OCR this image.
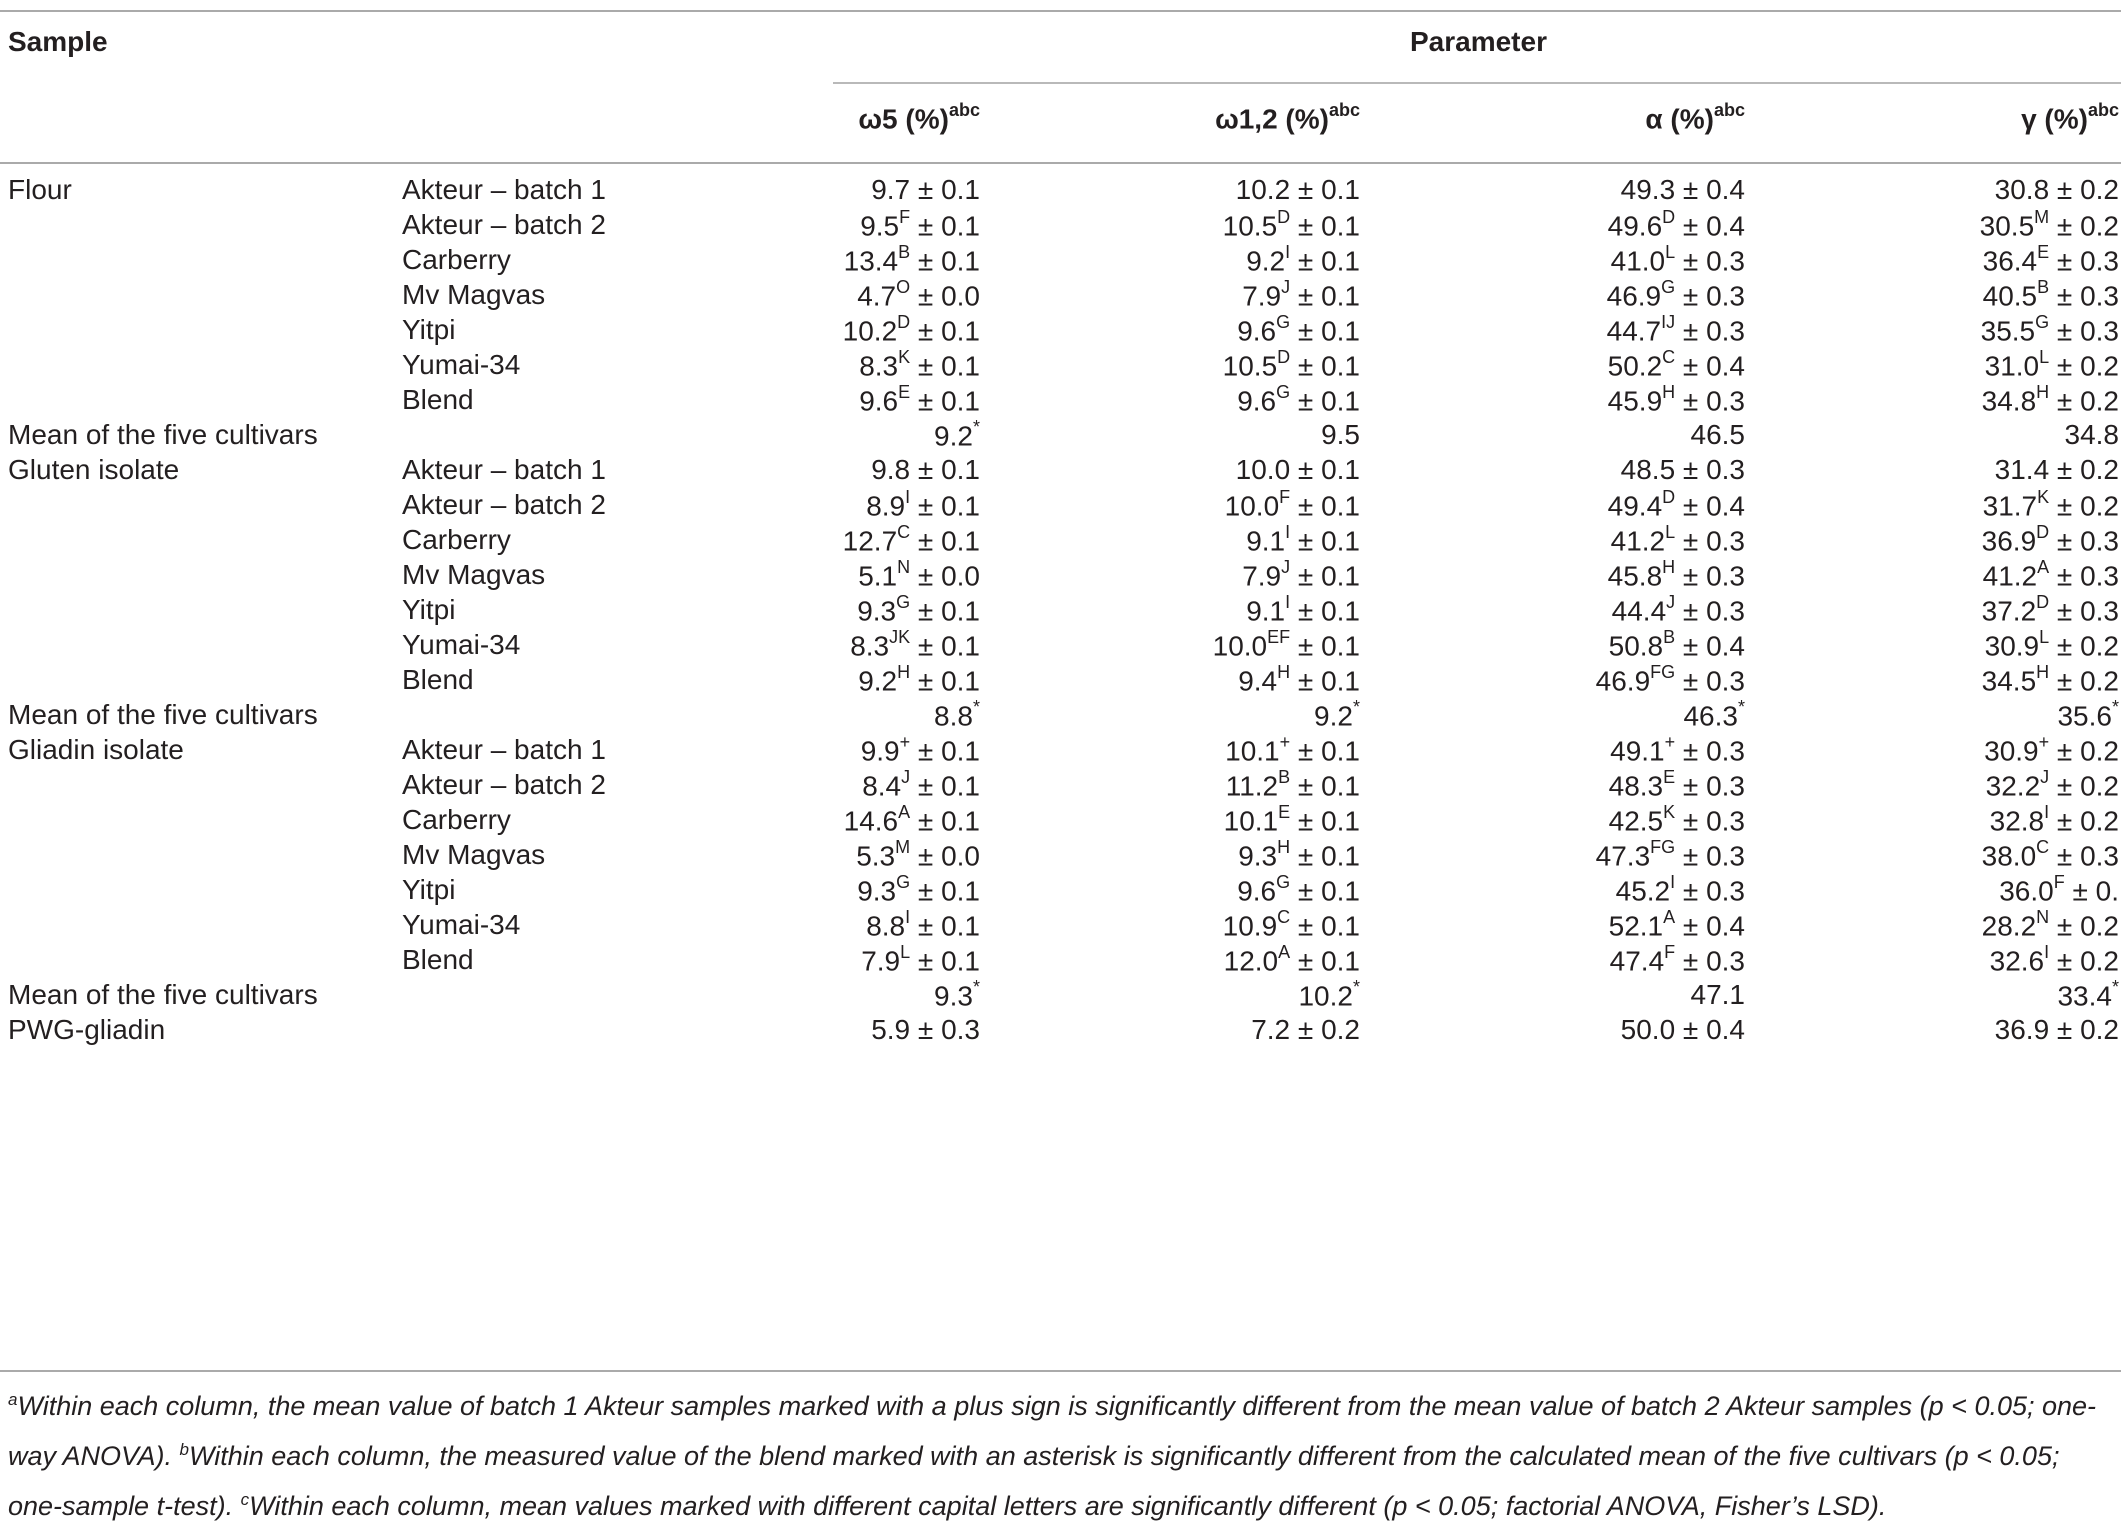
Sample	Parameter
ω5 (%)$^{abc}$	ω1,2 (%)$^{abc}$	α (%)$^{abc}$	γ (%)$^{abc}$
Flour	Akteur – batch 1	9.7 ± 0.1	10.2 ± 0.1	49.3 ± 0.4	30.8 ± 0.2
Akteur – batch 2	$9.5^F \pm 0.1$	$10.5^D \pm 0.1$	$49.6^D \pm 0.4$	$30.5^M \pm 0.2$
Carberry	$13.4^B \pm 0.1$	$9.2^I \pm 0.1$	$41.0^L \pm 0.3$	$36.4^E \pm 0.3$
Mv Magvas	$4.7^O \pm 0.0$	$7.9^J \pm 0.1$	$46.9^G \pm 0.3$	$40.5^B \pm 0.3$
Yitpi	$10.2^D \pm 0.1$	$9.6^G \pm 0.1$	$44.7^{IJ} \pm 0.3$	$35.5^G \pm 0.3$
Yumai-34	$8.3^K \pm 0.1$	$10.5^D \pm 0.1$	$50.2^C \pm 0.4$	$31.0^L \pm 0.2$
Blend	$9.6^E \pm 0.1$	$9.6^G \pm 0.1$	$45.9^H \pm 0.3$	$34.8^H \pm 0.2$
Mean of the five cultivars	9.2*	9.5	46.5	34.8
Gluten isolate	Akteur – batch 1	9.8 ± 0.1	10.0 ± 0.1	48.5 ± 0.3	31.4 ± 0.2
Akteur – batch 2	$8.9^I \pm 0.1$	$10.0^F \pm 0.1$	$49.4^D \pm 0.4$	$31.7^K \pm 0.2$
Carberry	$12.7^C \pm 0.1$	$9.1^I \pm 0.1$	$41.2^L \pm 0.3$	$36.9^D \pm 0.3$
Mv Magvas	$5.1^N \pm 0.0$	$7.9^J \pm 0.1$	$45.8^H \pm 0.3$	$41.2^A \pm 0.3$
Yitpi	$9.3^G \pm 0.1$	$9.1^I \pm 0.1$	$44.4^J \pm 0.3$	$37.2^D \pm 0.3$
Yumai-34	$8.3^{JK} \pm 0.1$	$10.0^{EF} \pm 0.1$	$50.8^B \pm 0.4$	$30.9^L \pm 0.2$
Blend	$9.2^H \pm 0.1$	$9.4^H \pm 0.1$	$46.9^{FG} \pm 0.3$	$34.5^H \pm 0.2$
Mean of the five cultivars	8.8*	9.2*	46.3*	35.6*
Gliadin isolate	Akteur – batch 1	9.9+ ± 0.1	10.1+ ± 0.1	49.1+ ± 0.3	30.9+ ± 0.2
Akteur – batch 2	$8.4^J \pm 0.1$	$11.2^B \pm 0.1$	$48.3^E \pm 0.3$	$32.2^J \pm 0.2$
Carberry	$14.6^A \pm 0.1$	$10.1^E \pm 0.1$	$42.5^K \pm 0.3$	$32.8^I \pm 0.2$
Mv Magvas	$5.3^M \pm 0.0$	$9.3^H \pm 0.1$	$47.3^{FG} \pm 0.3$	$38.0^C \pm 0.3$
Yitpi	$9.3^G \pm 0.1$	$9.6^G \pm 0.1$	$45.2^I \pm 0.3$	$36.0^F \pm 0$.
Yumai-34	$8.8^I \pm 0.1$	$10.9^C \pm 0.1$	$52.1^A \pm 0.4$	$28.2^N \pm 0.2$
Blend	$7.9^L \pm 0.1$	$12.0^A \pm 0.1$	$47.4^F \pm 0.3$	$32.6^I \pm 0.2$
Mean of the five cultivars	9.3*	10.2*	47.1	33.4*
PWG-gliadin	5.9 ± 0.3	7.2 ± 0.2	50.0 ± 0.4	36.9 ± 0.2
$^a$Within each column, the mean value of batch 1 Akteur samples marked with a plus sign is significantly different from the mean value of batch 2 Akteur samples (p < 0.05; one-way ANOVA). $^b$Within each column, the measured value of the blend marked with an asterisk is significantly different from the calculated mean of the five cultivars (p < 0.05; one-sample t-test). $^c$Within each column, mean values marked with different capital letters are significantly different (p < 0.05; factorial ANOVA, Fisher’s LSD).
